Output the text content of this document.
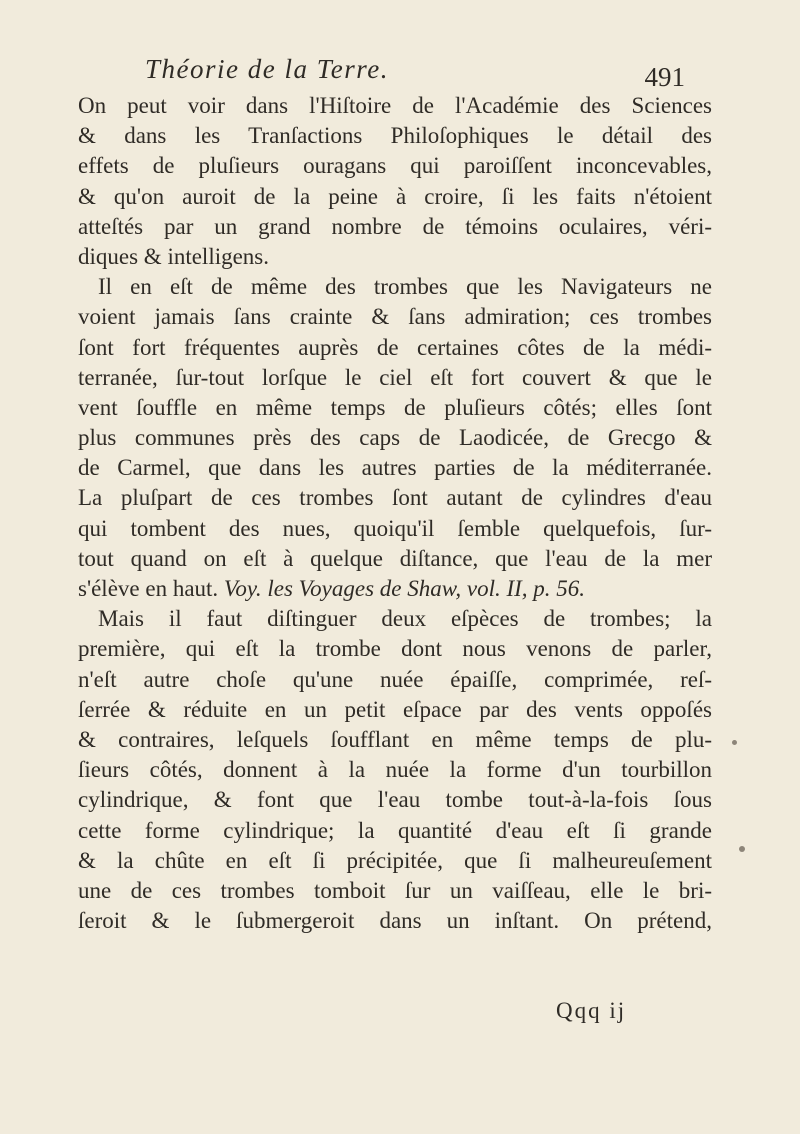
Théorie de la Terre.	491
On peut voir dans l'Hiſtoire de l'Académie des Sciences
& dans les Tranſactions Philoſophiques le détail des
effets de pluſieurs ouragans qui paroiſſent inconcevables,
& qu'on auroit de la peine à croire, ſi les faits n'étoient
atteſtés par un grand nombre de témoins oculaires, véri-
diques & intelligens.
Il en eſt de même des trombes que les Navigateurs ne
voient jamais ſans crainte & ſans admiration; ces trombes
ſont fort fréquentes auprès de certaines côtes de la médi-
terranée, ſur-tout lorſque le ciel eſt fort couvert & que le
vent ſouffle en même temps de pluſieurs côtés; elles ſont
plus communes près des caps de Laodicée, de Grecgo &
de Carmel, que dans les autres parties de la méditerranée.
La pluſpart de ces trombes ſont autant de cylindres d'eau
qui tombent des nues, quoiqu'il ſemble quelquefois, ſur-
tout quand on eſt à quelque diſtance, que l'eau de la mer
s'élève en haut. Voy. les Voyages de Shaw, vol. II, p. 56.
Mais il faut diſtinguer deux eſpèces de trombes; la
première, qui eſt la trombe dont nous venons de parler,
n'eſt autre choſe qu'une nuée épaiſſe, comprimée, reſ-
ſerrée & réduite en un petit eſpace par des vents oppoſés
& contraires, leſquels ſoufflant en même temps de plu-
ſieurs côtés, donnent à la nuée la forme d'un tourbillon
cylindrique, & font que l'eau tombe tout-à-la-fois ſous
cette forme cylindrique; la quantité d'eau eſt ſi grande
& la chûte en eſt ſi précipitée, que ſi malheureuſement
une de ces trombes tomboit ſur un vaiſſeau, elle le bri-
ſeroit & le ſubmergeroit dans un inſtant. On prétend,
Qqq ij
